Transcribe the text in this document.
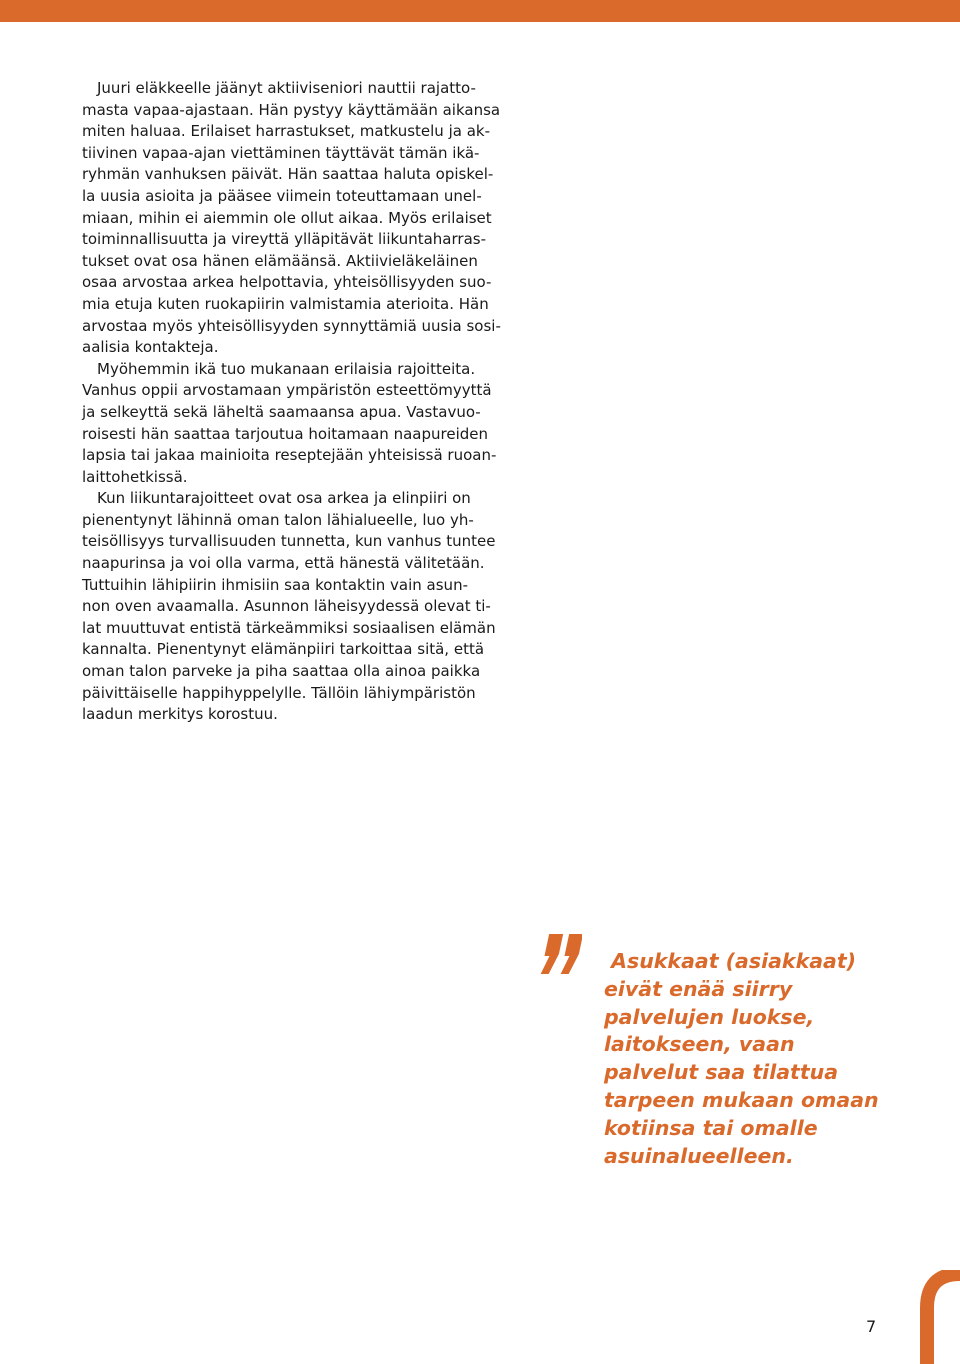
Juuri eläkkeelle jäänyt aktiiviseniori nauttii rajatto-
masta vapaa-ajastaan. Hän pystyy käyttämään aikansa
miten haluaa. Erilaiset harrastukset, matkustelu ja ak-
tiivinen vapaa-ajan viettäminen täyttävät tämän ikä-
ryhmän vanhuksen päivät. Hän saattaa haluta opiskel-
la uusia asioita ja pääsee viimein toteuttamaan unel-
miaan, mihin ei aiemmin ole ollut aikaa. Myös erilaiset
toiminnallisuutta ja vireyttä ylläpitävät liikuntaharras-
tukset ovat osa hänen elämäänsä. Aktiivieläkeläinen
osaa arvostaa arkea helpottavia, yhteisöllisyyden suo-
mia etuja kuten ruokapiirin valmistamia aterioita. Hän
arvostaa myös yhteisöllisyyden synnyttämiä uusia sosi-
aalisia kontakteja.
Myöhemmin ikä tuo mukanaan erilaisia rajoitteita.
Vanhus oppii arvostamaan ympäristön esteettömyyttä
ja selkeyttä sekä läheltä saamaansa apua. Vastavuo-
roisesti hän saattaa tarjoutua hoitamaan naapureiden
lapsia tai jakaa mainioita reseptejään yhteisissä ruoan-
laittohetkissä.
Kun liikuntarajoitteet ovat osa arkea ja elinpiiri on
pienentynyt lähinnä oman talon lähialueelle, luo yh-
teisöllisyys turvallisuuden tunnetta, kun vanhus tuntee
naapurinsa ja voi olla varma, että hänestä välitetään.
Tuttuihin lähipiirin ihmisiin saa kontaktin vain asun-
non oven avaamalla. Asunnon läheisyydessä olevat ti-
lat muuttuvat entistä tärkeämmiksi sosiaalisen elämän
kannalta. Pienentynyt elämänpiiri tarkoittaa sitä, että
oman talon parveke ja piha saattaa olla ainoa paikka
päivittäiselle happihyppelylle. Tällöin lähiympäristön
laadun merkitys korostuu.
Asukkaat (asiakkaat)
eivät enää siirry
palvelujen luokse,
laitokseen, vaan
palvelut saa tilattua
tarpeen mukaan omaan
kotiinsa tai omalle
asuinalueelleen.
7
